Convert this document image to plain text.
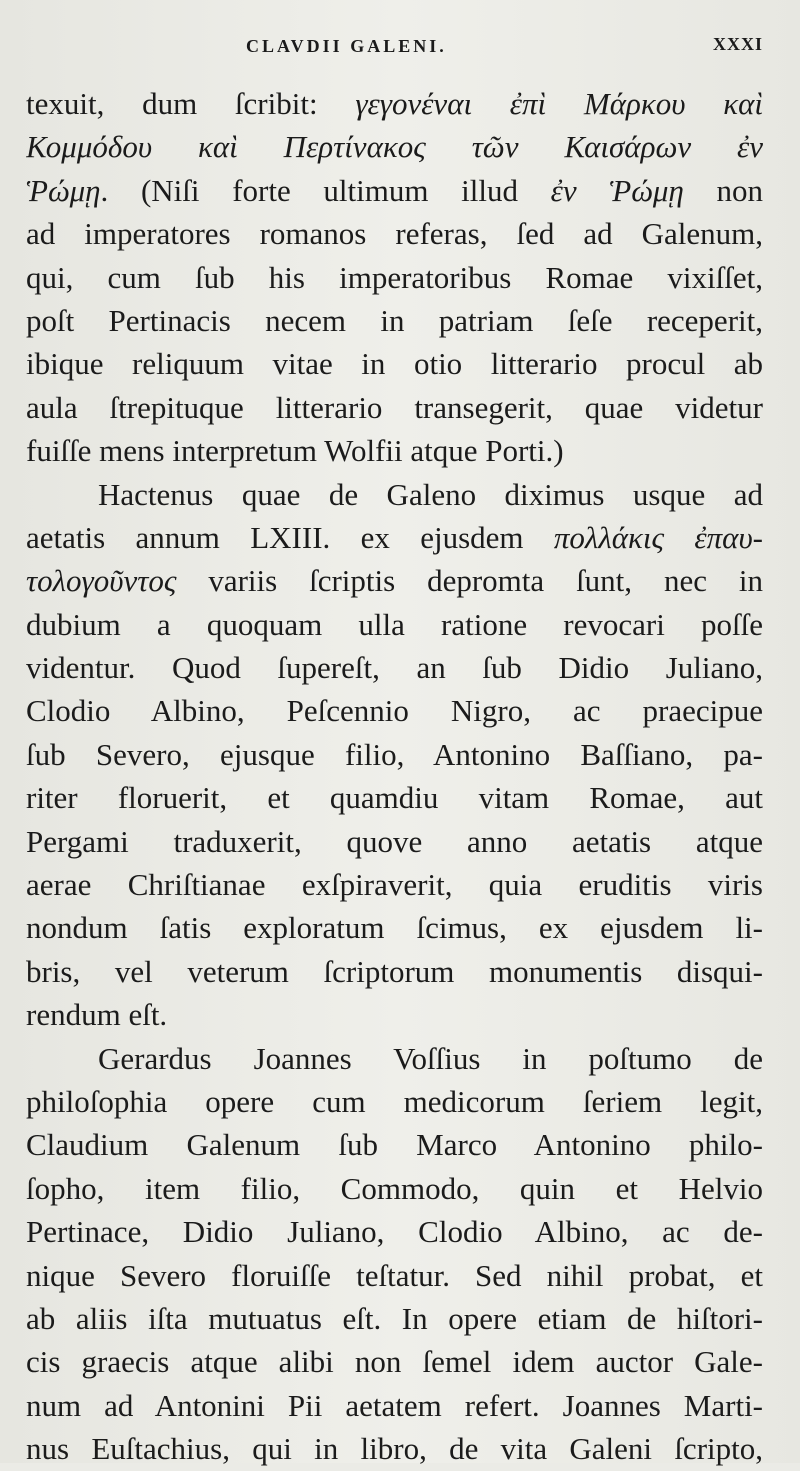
CLAVDII GALENI.	XXXI
texuit, dum ſcribit: γεγονέναι ἐπὶ Μάρκου καὶ
Κομμόδου καὶ Περτίνακος τῶν Καισάρων ἐν
Ῥώμῃ. (Niſi forte ultimum illud ἐν Ῥώμῃ non
ad imperatores romanos referas, ſed ad Galenum,
qui, cum ſub his imperatoribus Romae vixiſſet,
poſt Pertinacis necem in patriam ſeſe receperit,
ibique reliquum vitae in otio litterario procul ab
aula ſtrepituque litterario transegerit, quae videtur
fuiſſe mens interpretum Wolfii atque Porti.)
Hactenus quae de Galeno diximus usque ad
aetatis annum LXIII. ex ejusdem πολλάκις ἐπαυ-
τολογοῦντος variis ſcriptis depromta ſunt, nec in
dubium a quoquam ulla ratione revocari poſſe
videntur. Quod ſupereſt, an ſub Didio Juliano,
Clodio Albino, Peſcennio Nigro, ac praecipue
ſub Severo, ejusque filio, Antonino Baſſiano, pa-
riter floruerit, et quamdiu vitam Romae, aut
Pergami traduxerit, quove anno aetatis atque
aerae Chriſtianae exſpiraverit, quia eruditis viris
nondum ſatis exploratum ſcimus, ex ejusdem li-
bris, vel veterum ſcriptorum monumentis disqui-
rendum eſt.
Gerardus Joannes Voſſius in poſtumo de
philoſophia opere cum medicorum ſeriem legit,
Claudium Galenum ſub Marco Antonino philo-
ſopho, item filio, Commodo, quin et Helvio
Pertinace, Didio Juliano, Clodio Albino, ac de-
nique Severo floruiſſe teſtatur. Sed nihil probat, et
ab aliis iſta mutuatus eſt. In opere etiam de hiſtori-
cis graecis atque alibi non ſemel idem auctor Gale-
num ad Antonini Pii aetatem refert. Joannes Marti-
nus Euſtachius, qui in libro, de vita Galeni ſcripto,
